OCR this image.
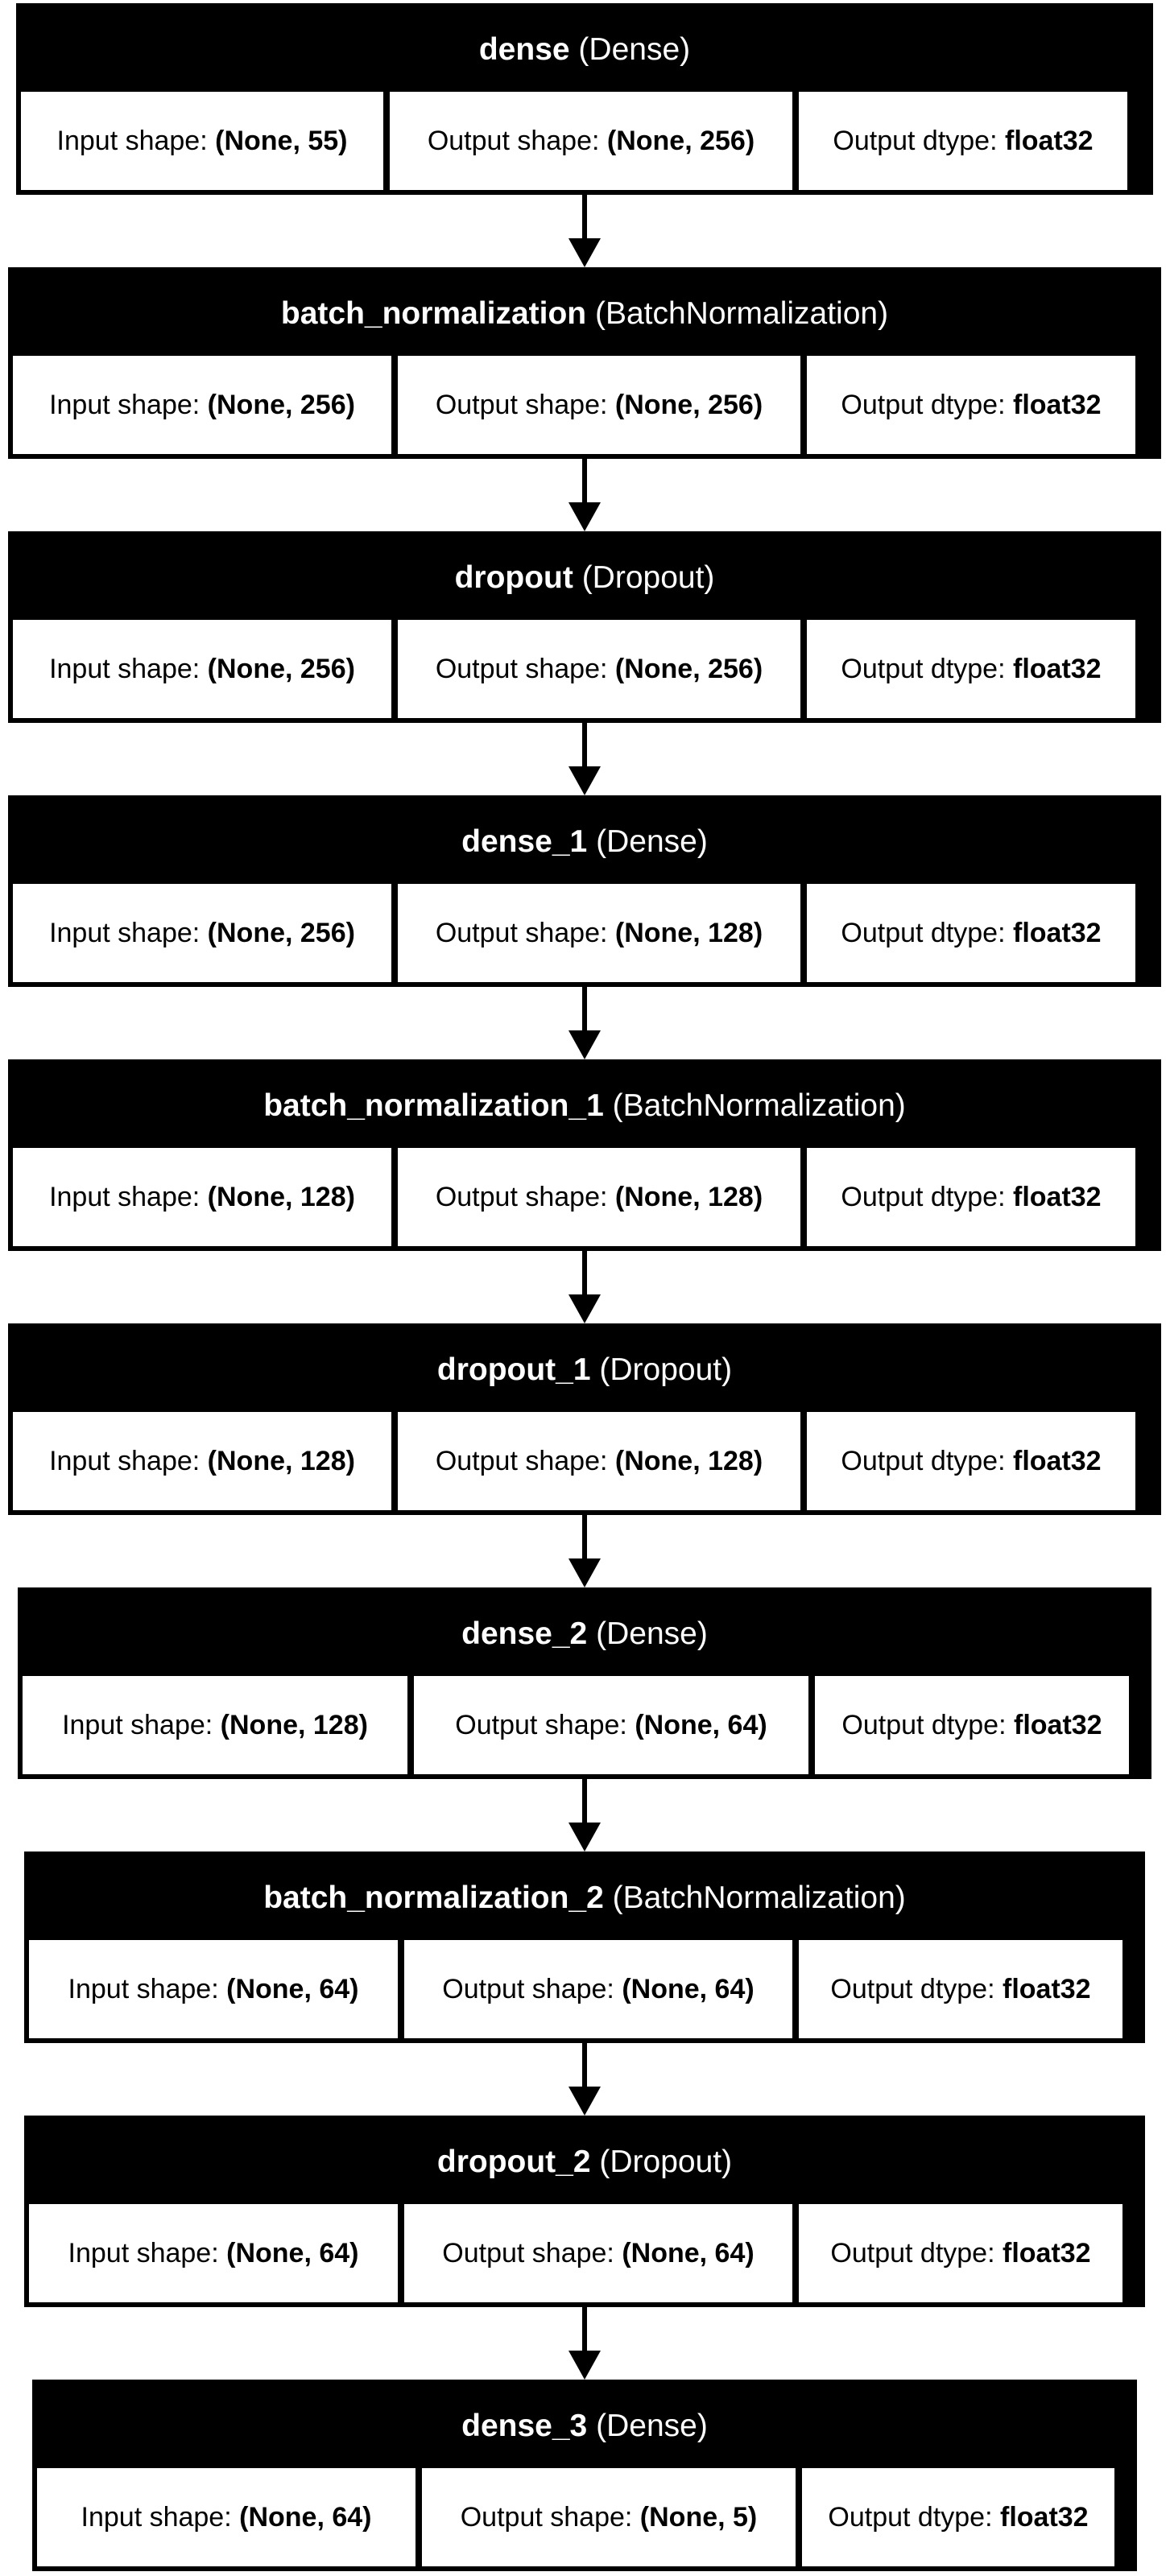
dense
(Dense)
Input shape:
(None, 55)	Output shape:
(None, 256)	Output dtype:
float32
batch_normalization
(BatchNormalization)
Input shape:
(None, 256)	Output shape:
(None, 256)	Output dtype:
float32
dropout
(Dropout)
Input shape:
(None, 256)	Output shape:
(None, 256)	Output dtype:
float32
dense_1
(Dense)
Input shape:
(None, 256)	Output shape:
(None, 128)	Output dtype:
float32
batch_normalization_1
(BatchNormalization)
Input shape:
(None, 128)	Output shape:
(None, 128)	Output dtype:
float32
dropout_1
(Dropout)
Input shape:
(None, 128)	Output shape:
(None, 128)	Output dtype:
float32
dense_2
(Dense)
Input shape:
(None, 128)	Output shape:
(None, 64)	Output dtype:
float32
batch_normalization_2
(BatchNormalization)
Input shape:
(None, 64)	Output shape:
(None, 64)	Output dtype:
float32
dropout_2
(Dropout)
Input shape:
(None, 64)	Output shape:
(None, 64)	Output dtype:
float32
dense_3
(Dense)
Input shape:
(None, 64)	Output shape:
(None, 5)	Output dtype:
float32
